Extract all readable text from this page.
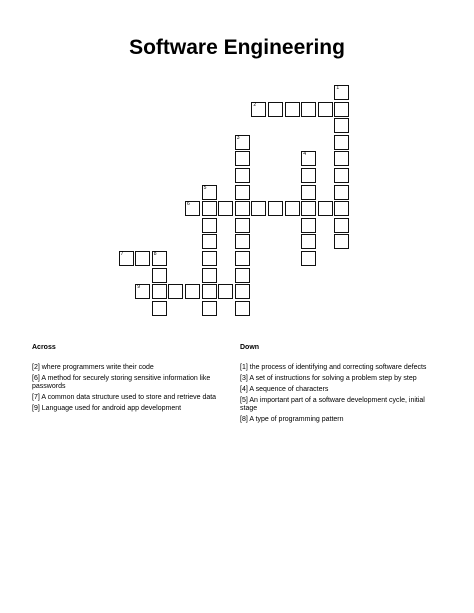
Software Engineering
1
2
3
4
5
6
7	8
9
Across
[2] where programmers write their code
[6] A method for securely storing sensitive information like passwords
[7] A common data structure used to store and retrieve data
[9] Language used for android app development
Down
[1] the process of identifying and correcting software defects
[3] A set of instructions for solving a problem step by step
[4] A sequence of characters
[5] An important part of a software development cycle, initial stage
[8] A type of programming pattern
